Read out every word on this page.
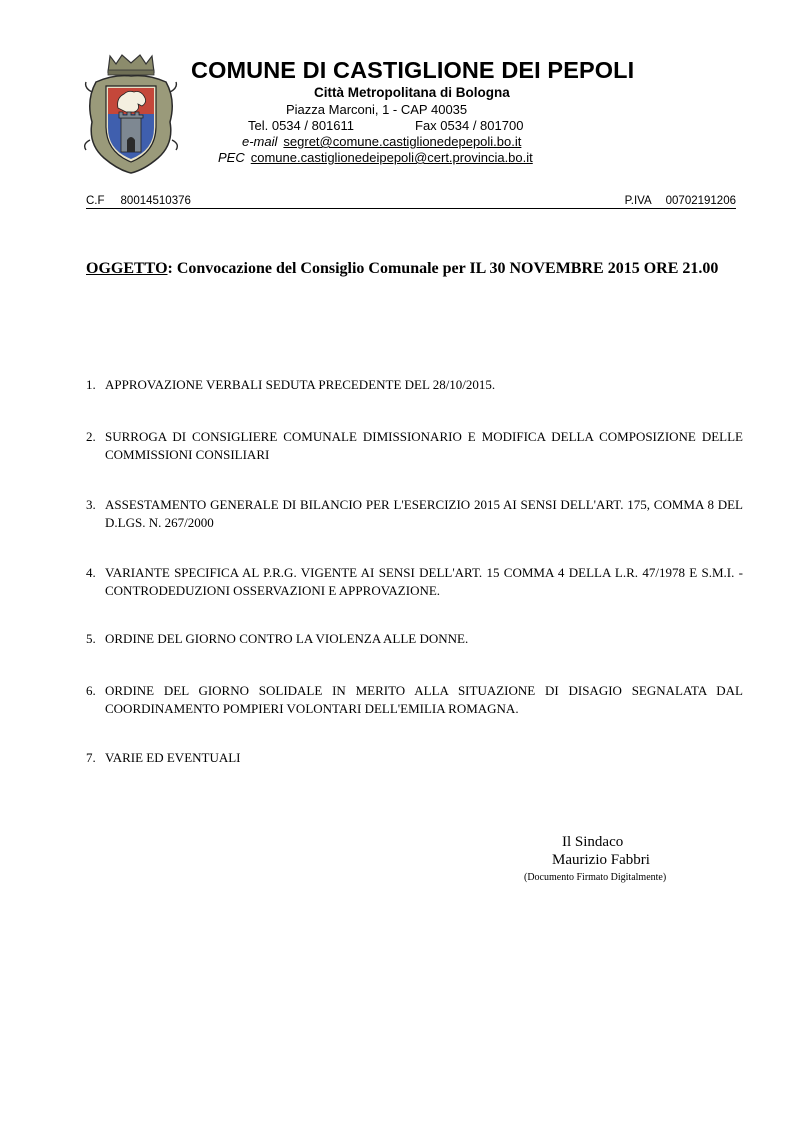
COMUNE DI CASTIGLIONE DEI PEPOLI
Città Metropolitana di Bologna
Piazza Marconi, 1 - CAP 40035
Tel. 0534 / 801611	Fax 0534 / 801700
e-mail segret@comune.castiglionedepepoli.bo.it
PEC comune.castiglionedeipepoli@cert.provincia.bo.it
C.F 80014510376	P.IVA 00702191206
OGGETTO: Convocazione del Consiglio Comunale per IL 30 NOVEMBRE 2015 ORE 21.00
1. APPROVAZIONE VERBALI SEDUTA PRECEDENTE DEL 28/10/2015.
2. SURROGA DI CONSIGLIERE COMUNALE DIMISSIONARIO E MODIFICA DELLA COMPOSIZIONE DELLE COMMISSIONI CONSILIARI
3. ASSESTAMENTO GENERALE DI BILANCIO PER L'ESERCIZIO 2015 AI SENSI DELL'ART. 175, COMMA 8 DEL D.LGS. N. 267/2000
4. VARIANTE SPECIFICA AL P.R.G. VIGENTE AI SENSI DELL'ART. 15 COMMA 4 DELLA L.R. 47/1978 E S.M.I. - CONTRODEDUZIONI OSSERVAZIONI E APPROVAZIONE.
5. ORDINE DEL GIORNO CONTRO LA VIOLENZA ALLE DONNE.
6. ORDINE DEL GIORNO SOLIDALE IN MERITO ALLA SITUAZIONE DI DISAGIO SEGNALATA DAL COORDINAMENTO POMPIERI VOLONTARI DELL'EMILIA ROMAGNA.
7. VARIE ED EVENTUALI
Il Sindaco
Maurizio Fabbri
(Documento Firmato Digitalmente)
